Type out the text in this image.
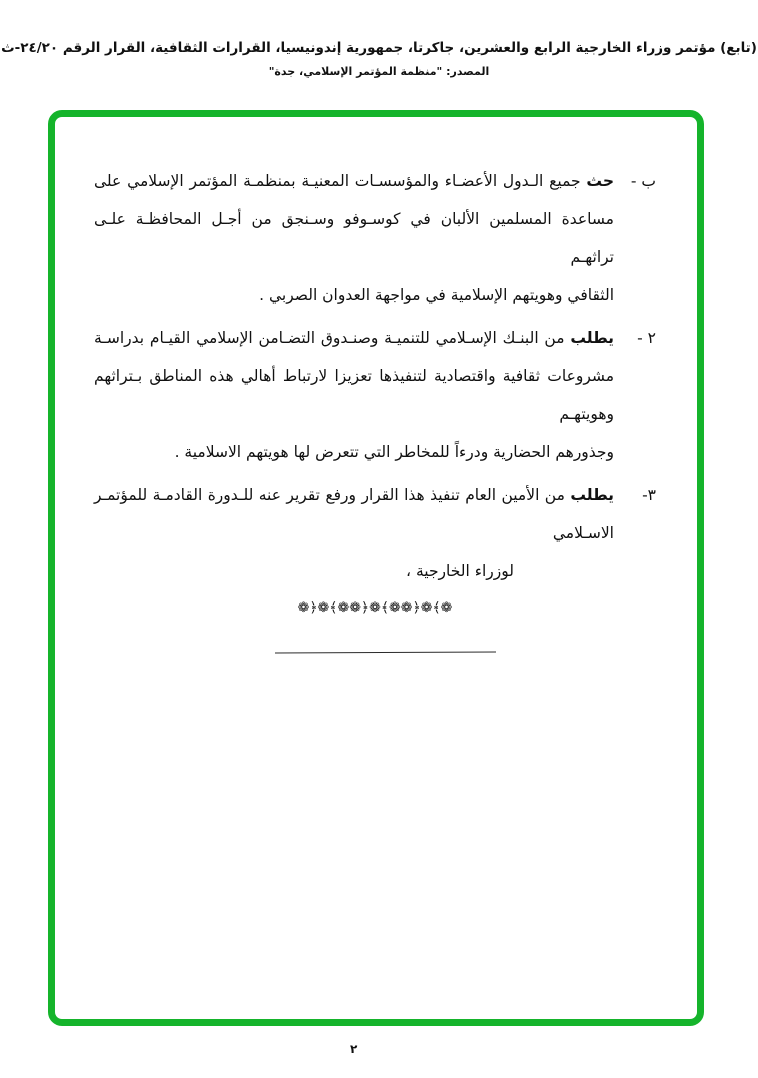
(تابع) مؤتمر وزراء الخارجية الرابع والعشرين، جاكرتا، جمهورية إندونيسيا، القرارات الثقافية، القرار الرقم ٢٤/٢٠-ث
المصدر: "منظمة المؤتمر الإسلامي، جدة"
ب -
حث جميع الـدول الأعضـاء والمؤسسـات المعنيـة بمنظمـة المؤتمر الإسلامي على
مساعدة المسلمين الألبان في كوسـوفو وسـنجق من أجـل المحافظـة علـى تراثهـم
الثقافي وهويتهم الإسلامية في مواجهة العدوان الصربي .
٢ -
يطلب من البنـك الإسـلامي للتنميـة وصنـدوق التضـامن الإسلامي القيـام بدراسـة
مشروعات ثقافية واقتصادية لتنفيذها تعزيزا لارتباط أهالي هذه المناطق بـتراثهم وهويتهـم
وجذورهم الحضارية ودرءاً للمخاطر التي تتعرض لها هويتهم الاسلامية .
٣-
يطلب من الأمين العام تنفيذ هذا القرار ورفع تقرير عنه للـدورة القادمـة للمؤتمـر الاسـلامي
لوزراء الخارجية ،
❁﴾❁﴿❁❁﴾❁﴿❁❁﴾❁﴿❁
٢
